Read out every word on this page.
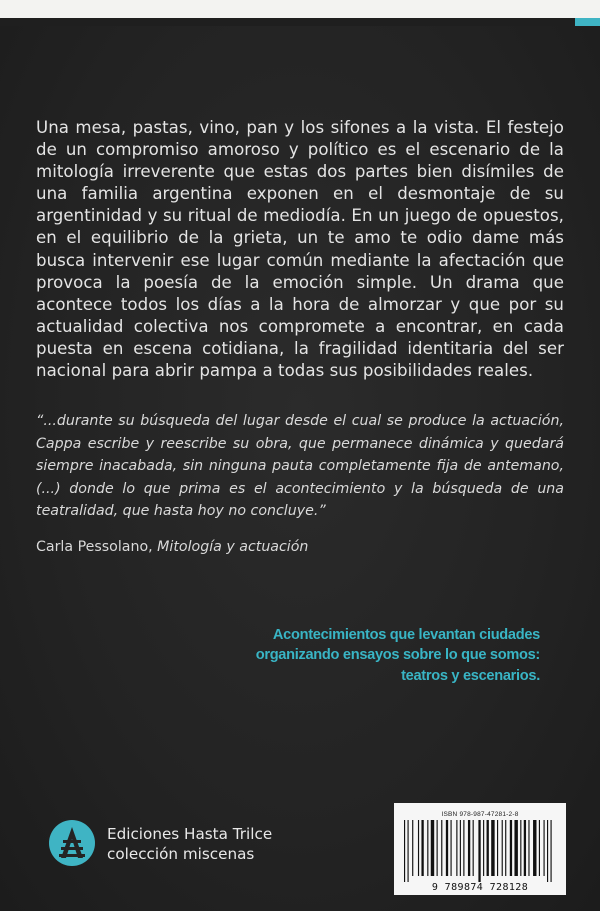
Una mesa, pastas, vino, pan y los sifones a la vista. El festejo de un compromiso amoroso y político es el escenario de la mitología irreverente que estas dos partes bien disímiles de una familia argentina exponen en el desmontaje de su argentinidad y su ritual de mediodía. En un juego de opuestos, en el equilibrio de la grieta, un te amo te odio dame más busca intervenir ese lugar común mediante la afectación que provoca la poesía de la emoción simple. Un drama que acontece todos los días a la hora de almorzar y que por su actualidad colectiva nos compromete a encontrar, en cada puesta en escena cotidiana, la fragilidad identitaria del ser nacional para abrir pampa a todas sus posibilidades reales.

“...durante su búsqueda del lugar desde el cual se produce la actuación, Cappa escribe y reescribe su obra, que permanece dinámica y quedará siempre inacabada, sin ninguna pauta completamente fija de antemano, (...) donde lo que prima es el acontecimiento y la búsqueda de una teatralidad, que hasta hoy no concluye.”

Carla Pessolano, Mitología y actuación

Acontecimientos que levantan ciudades
organizando ensayos sobre lo que somos:
teatros y escenarios.
Ediciones Hasta Trilce
colección miscenas
ISBN 978-987-47281-2-8
9 789874 728128
